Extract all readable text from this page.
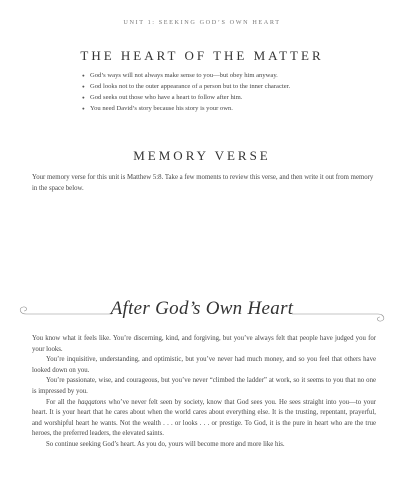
UNIT 1: SEEKING GOD’S OWN HEART
THE HEART OF THE MATTER
● God’s ways will not always make sense to you—but obey him anyway.
● God looks not to the outer appearance of a person but to the inner character.
● God seeks out those who have a heart to follow after him.
● You need David’s story because his story is your own.
MEMORY VERSE

Your memory verse for this unit is Matthew 5:8. Take a few moments to review this verse, and then write it out from memory in the space below.

After God’s Own Heart

You know what it feels like. You’re discerning, kind, and forgiving, but you’ve always felt that people have judged you for your looks.

You’re inquisitive, understanding, and optimistic, but you’ve never had much money, and so you feel that others have looked down on you.

You’re passionate, wise, and courageous, but you’ve never “climbed the ladder” at work, so it seems to you that no one is impressed by you.

For all the haqqatons who’ve never felt seen by society, know that God sees you. He sees straight into you—to your heart. It is your heart that he cares about when the world cares about everything else. It is the trusting, repentant, prayerful, and worshipful heart he wants. Not the wealth . . . or looks . . . or prestige. To God, it is the pure in heart who are the true heroes, the preferred leaders, the elevated saints.

So continue seeking God’s heart. As you do, yours will become more and more like his.
